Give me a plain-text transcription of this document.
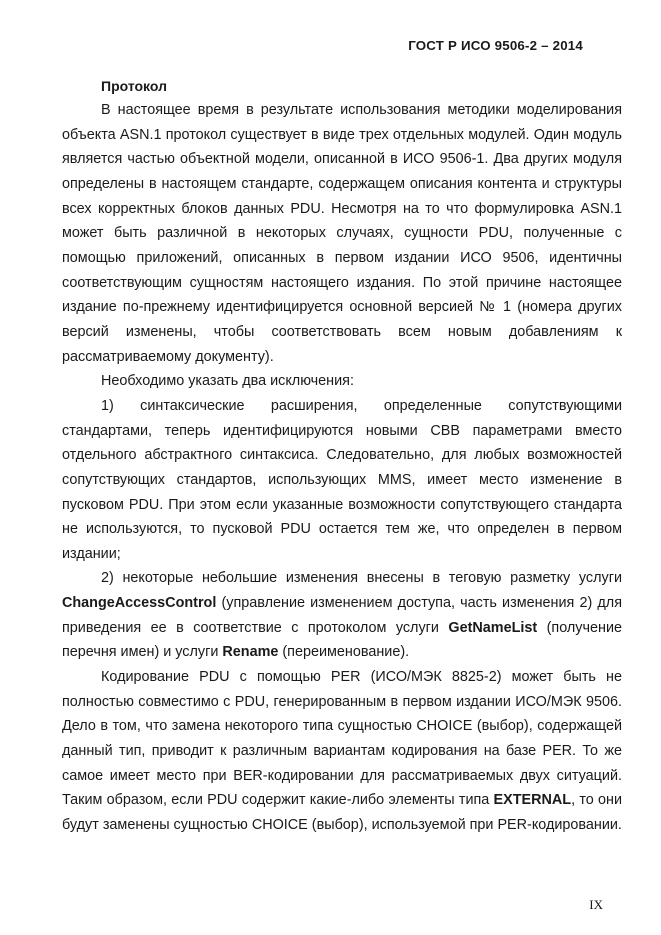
ГОСТ Р ИСО 9506-2 – 2014
Протокол

В настоящее время в результате использования методики моделирования объекта ASN.1 протокол существует в виде трех отдельных модулей. Один модуль является частью объектной модели, описанной в ИСО 9506-1. Два других модуля определены в настоящем стандарте, содержащем описания контента и структуры всех корректных блоков данных PDU. Несмотря на то что формулировка ASN.1 может быть различной в некоторых случаях, сущности PDU, полученные с помощью приложений, описанных в первом издании ИСО 9506, идентичны соответствующим сущностям настоящего издания. По этой причине настоящее издание по-прежнему идентифицируется основной версией № 1 (номера других версий изменены, чтобы соответствовать всем новым добавлениям к рассматриваемому документу).

Необходимо указать два исключения:

1) синтаксические расширения, определенные сопутствующими стандартами, теперь идентифицируются новыми CBB параметрами вместо отдельного абстрактного синтаксиса. Следовательно, для любых возможностей сопутствующих стандартов, использующих MMS, имеет место изменение в пусковом PDU. При этом если указанные возможности сопутствующего стандарта не используются, то пусковой PDU остается тем же, что определен в первом издании;

2) некоторые небольшие изменения внесены в теговую разметку услуги ChangeAccessControl (управление изменением доступа, часть изменения 2) для приведения ее в соответствие с протоколом услуги GetNameList (получение перечня имен) и услуги Rename (переименование).

Кодирование PDU с помощью PER (ИСО/МЭК 8825-2) может быть не полностью совместимо с PDU, генерированным в первом издании ИСО/МЭК 9506. Дело в том, что замена некоторого типа сущностью CHOICE (выбор), содержащей данный тип, приводит к различным вариантам кодирования на базе PER. То же самое имеет место при BER-кодировании для рассматриваемых двух ситуаций. Таким образом, если PDU содержит какие-либо элементы типа EXTERNAL, то они будут заменены сущностью CHOICE (выбор), используемой при PER-кодировании.

IX
